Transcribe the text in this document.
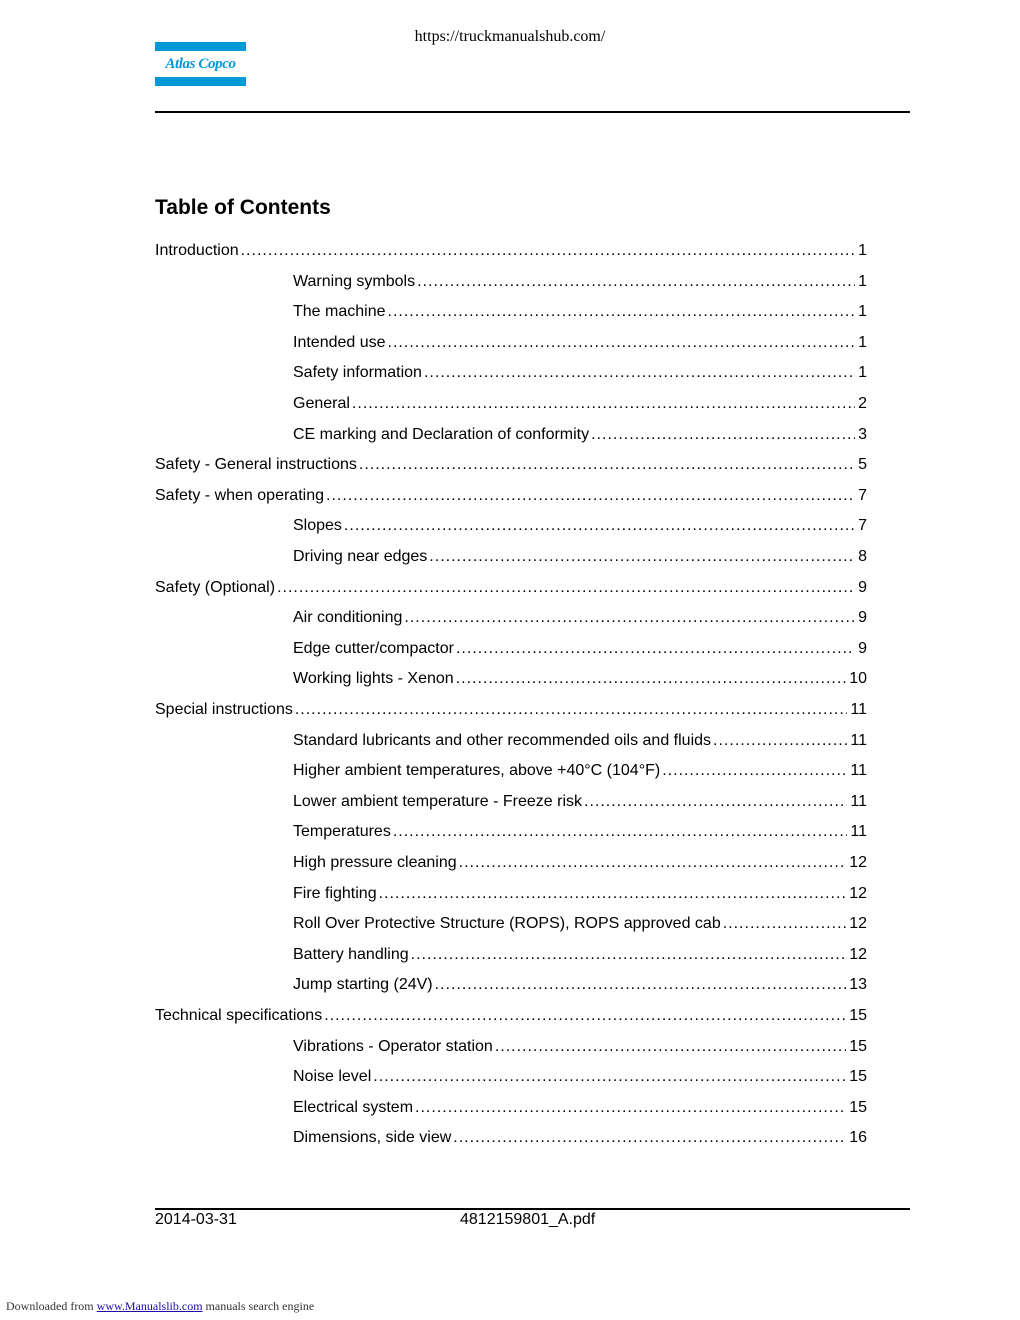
https://truckmanualshub.com/
Atlas Copco
Table of Contents
Introduction .....	1
Warning symbols .....	1
The machine .....	1
Intended use .....	1
Safety information .....	1
General .....	2
CE marking and Declaration of conformity .....	3
Safety - General instructions .....	5
Safety - when operating .....	7
Slopes .....	7
Driving near edges .....	8
Safety (Optional) .....	9
Air conditioning .....	9
Edge cutter/compactor .....	9
Working lights - Xenon .....	10
Special instructions .....	11
Standard lubricants and other recommended oils and fluids .....	11
Higher ambient temperatures, above +40°C (104°F) .....	11
Lower ambient temperature - Freeze risk .....	11
Temperatures .....	11
High pressure cleaning .....	12
Fire fighting .....	12
Roll Over Protective Structure (ROPS), ROPS approved cab .....	12
Battery handling .....	12
Jump starting (24V) .....	13
Technical specifications .....	15
Vibrations - Operator station .....	15
Noise level .....	15
Electrical system .....	15
Dimensions, side view .....	16
2014-03-31	4812159801_A.pdf
Downloaded from www.Manualslib.com manuals search engine
